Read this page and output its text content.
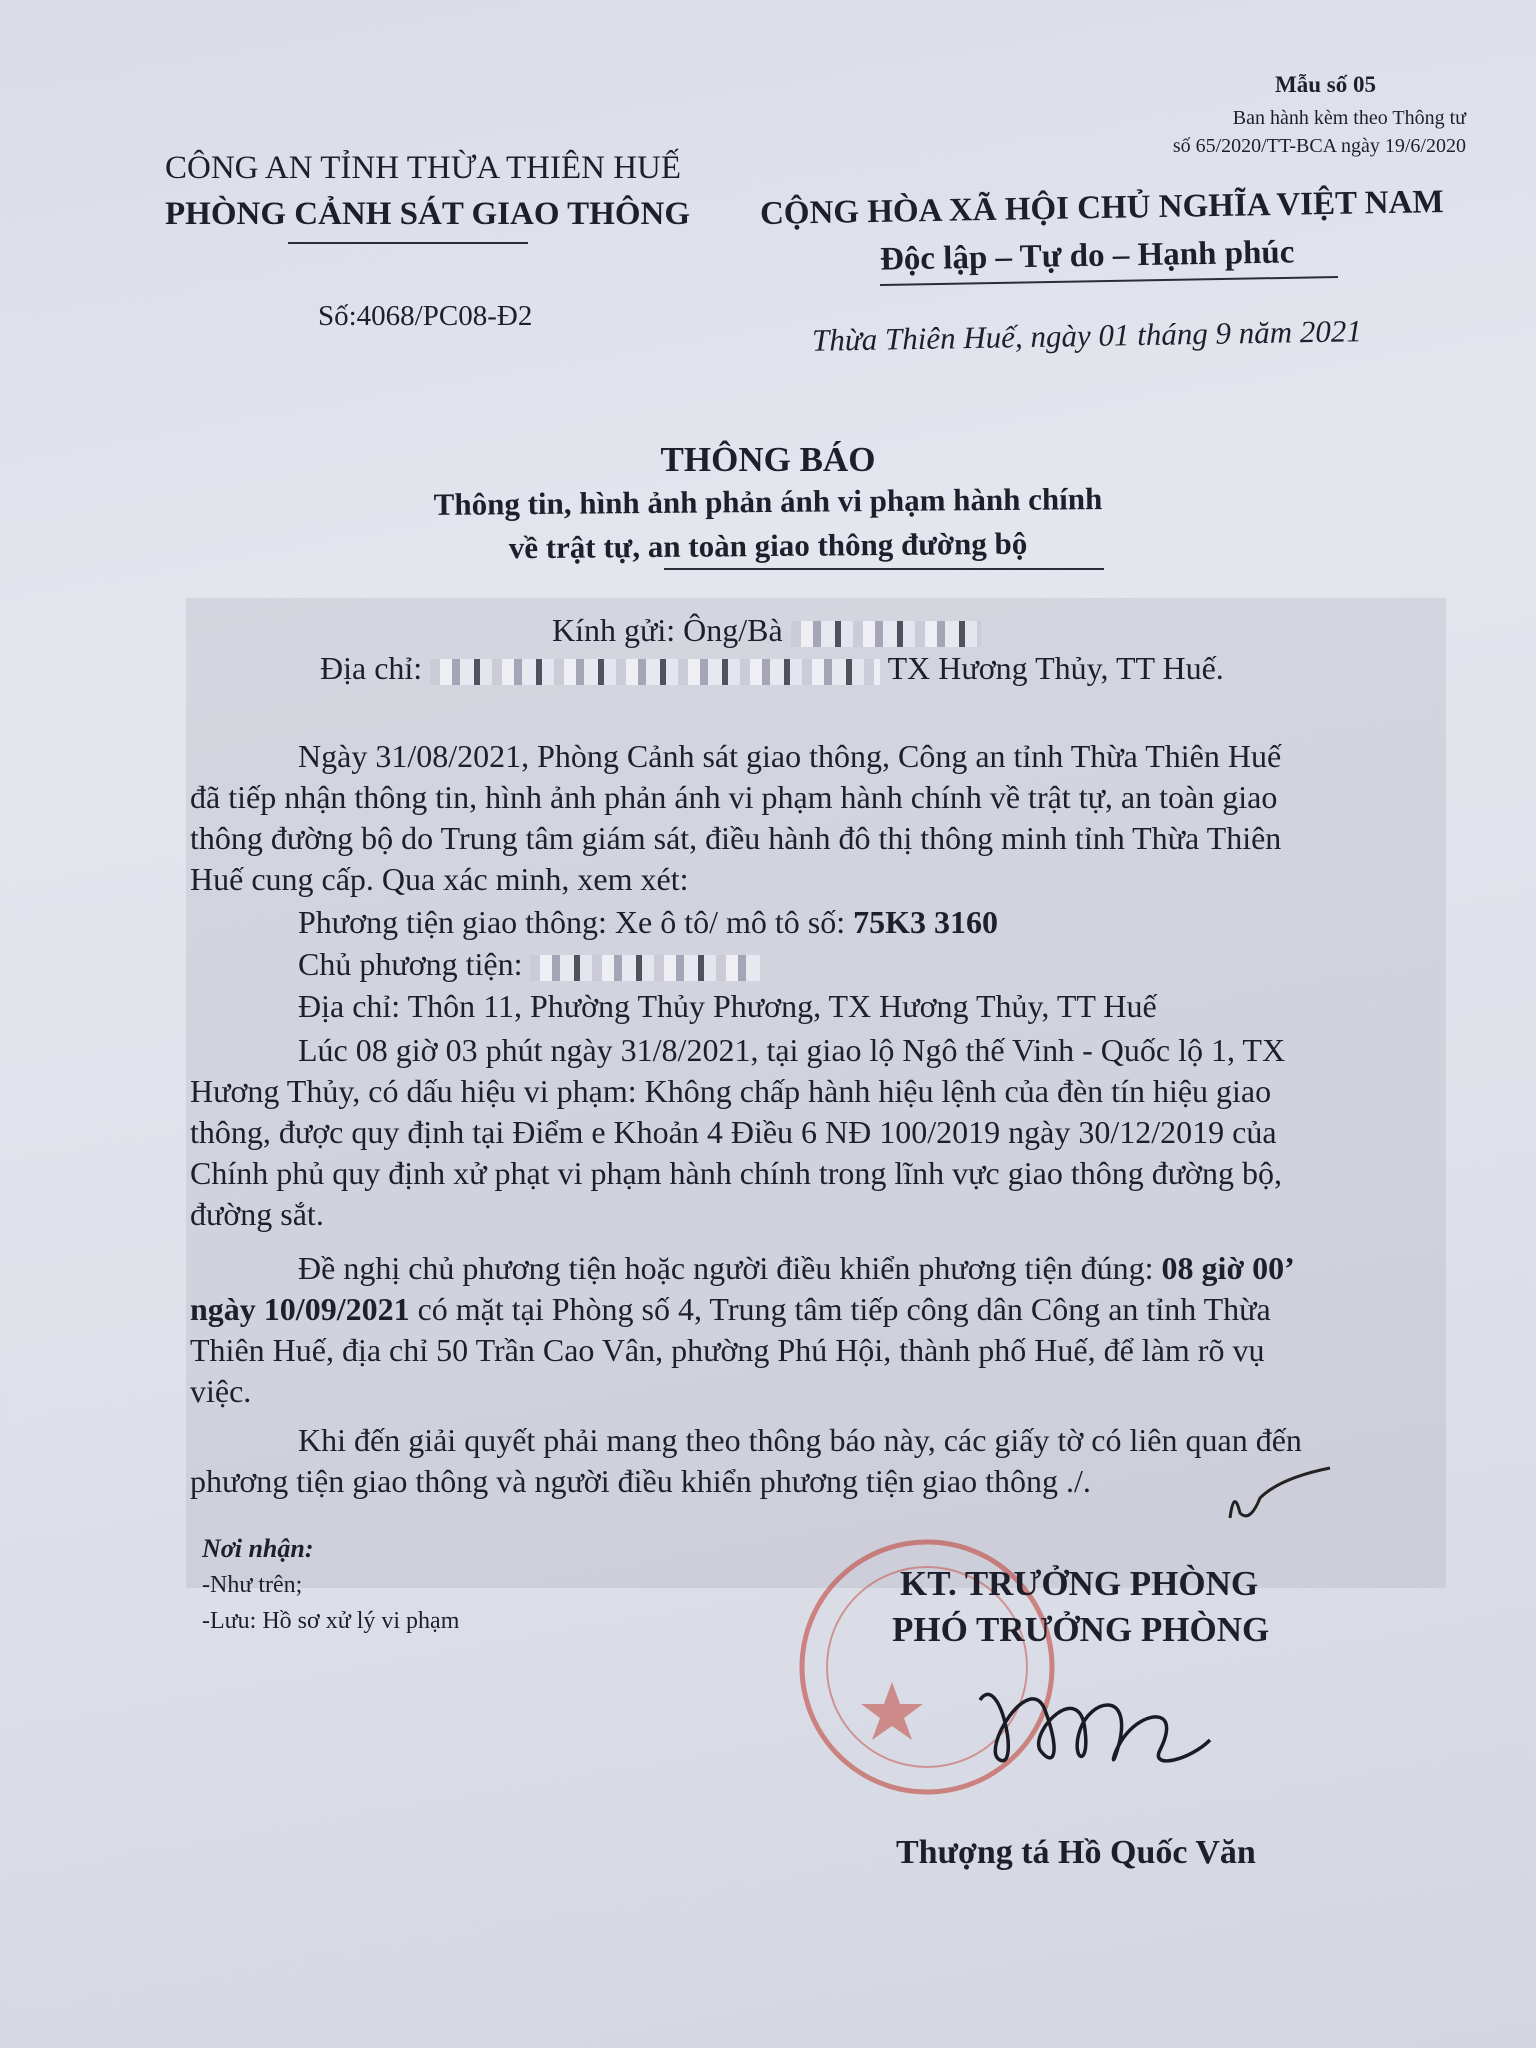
Mẫu số 05
Ban hành kèm theo Thông tư
số 65/2020/TT-BCA ngày 19/6/2020
CÔNG AN TỈNH THỪA THIÊN HUẾ
PHÒNG CẢNH SÁT GIAO THÔNG
Số:4068/PC08-Đ2
CỘNG HÒA XÃ HỘI CHỦ NGHĨA VIỆT NAM
Độc lập – Tự do – Hạnh phúc
Thừa Thiên Huế, ngày 01 tháng 9 năm 2021
THÔNG BÁO
Thông tin, hình ảnh phản ánh vi phạm hành chính
về trật tự, an toàn giao thông đường bộ
Kính gửi: Ông/Bà
Địa chỉ:	TX Hương Thủy, TT Huế.
Ngày 31/08/2021, Phòng Cảnh sát giao thông, Công an tỉnh Thừa Thiên Huế
đã tiếp nhận thông tin, hình ảnh phản ánh vi phạm hành chính về trật tự, an toàn giao
thông đường bộ do Trung tâm giám sát, điều hành đô thị thông minh tỉnh Thừa Thiên
Huế cung cấp. Qua xác minh, xem xét:
Phương tiện giao thông: Xe ô tô/ mô tô số: 75K3 3160
Chủ phương tiện:
Địa chỉ: Thôn 11, Phường Thủy Phương, TX Hương Thủy, TT Huế
Lúc 08 giờ 03 phút ngày 31/8/2021, tại giao lộ Ngô thế Vinh - Quốc lộ 1, TX
Hương Thủy, có dấu hiệu vi phạm: Không chấp hành hiệu lệnh của đèn tín hiệu giao
thông, được quy định tại Điểm e Khoản 4 Điều 6 NĐ 100/2019 ngày 30/12/2019 của
Chính phủ quy định xử phạt vi phạm hành chính trong lĩnh vực giao thông đường bộ,
đường sắt.
Đề nghị chủ phương tiện hoặc người điều khiển phương tiện đúng: 08 giờ 00’
ngày 10/09/2021 có mặt tại Phòng số 4, Trung tâm tiếp công dân Công an tỉnh Thừa
Thiên Huế, địa chỉ 50 Trần Cao Vân, phường Phú Hội, thành phố Huế, để làm rõ vụ
việc.
Khi đến giải quyết phải mang theo thông báo này, các giấy tờ có liên quan đến
phương tiện giao thông và người điều khiển phương tiện giao thông ./.
Nơi nhận:
-Như trên;
-Lưu: Hồ sơ xử lý vi phạm
KT. TRƯỞNG PHÒNG
PHÓ TRƯỞNG PHÒNG
Thượng tá Hồ Quốc Văn
